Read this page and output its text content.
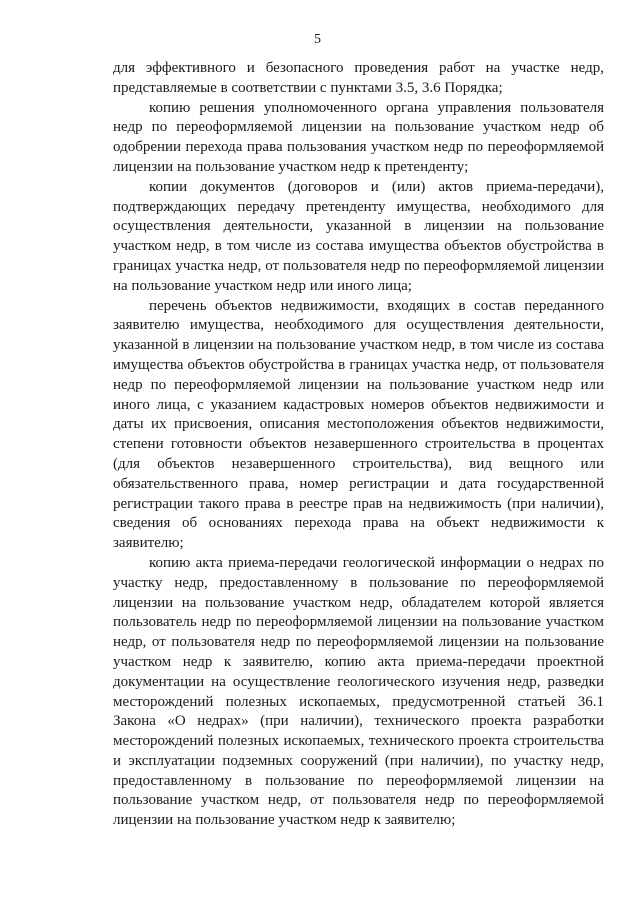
5

для эффективного и безопасного проведения работ на участке недр, представляемые в соответствии с пунктами 3.5, 3.6 Порядка;

копию решения уполномоченного органа управления пользователя недр по переоформляемой лицензии на пользование участком недр об одобрении перехода права пользования участком недр по переоформляемой лицензии на пользование участком недр к претенденту;

копии документов (договоров и (или) актов приема-передачи), подтверждающих передачу претенденту имущества, необходимого для осуществления деятельности, указанной в лицензии на пользование участком недр, в том числе из состава имущества объектов обустройства в границах участка недр, от пользователя недр по переоформляемой лицензии на пользование участком недр или иного лица;

перечень объектов недвижимости, входящих в состав переданного заявителю имущества, необходимого для осуществления деятельности, указанной в лицензии на пользование участком недр, в том числе из состава имущества объектов обустройства в границах участка недр, от пользователя недр по переоформляемой лицензии на пользование участком недр или иного лица, с указанием кадастровых номеров объектов недвижимости и даты их присвоения, описания местоположения объектов недвижимости, степени готовности объектов незавершенного строительства в процентах (для объектов незавершенного строительства), вид вещного или обязательственного права, номер регистрации и дата государственной регистрации такого права в реестре прав на недвижимость (при наличии), сведения об основаниях перехода права на объект недвижимости к заявителю;

копию акта приема-передачи геологической информации о недрах по участку недр, предоставленному в пользование по переоформляемой лицензии на пользование участком недр, обладателем которой является пользователь недр по переоформляемой лицензии на пользование участком недр, от пользователя недр по переоформляемой лицензии на пользование участком недр к заявителю, копию акта приема-передачи проектной документации на осуществление геологического изучения недр, разведки месторождений полезных ископаемых, предусмотренной статьей 36.1 Закона «О недрах» (при наличии), технического проекта разработки месторождений полезных ископаемых, технического проекта строительства и эксплуатации подземных сооружений (при наличии), по участку недр, предоставленному в пользование по переоформляемой лицензии на пользование участком недр, от пользователя недр по переоформляемой лицензии на пользование участком недр к заявителю;
